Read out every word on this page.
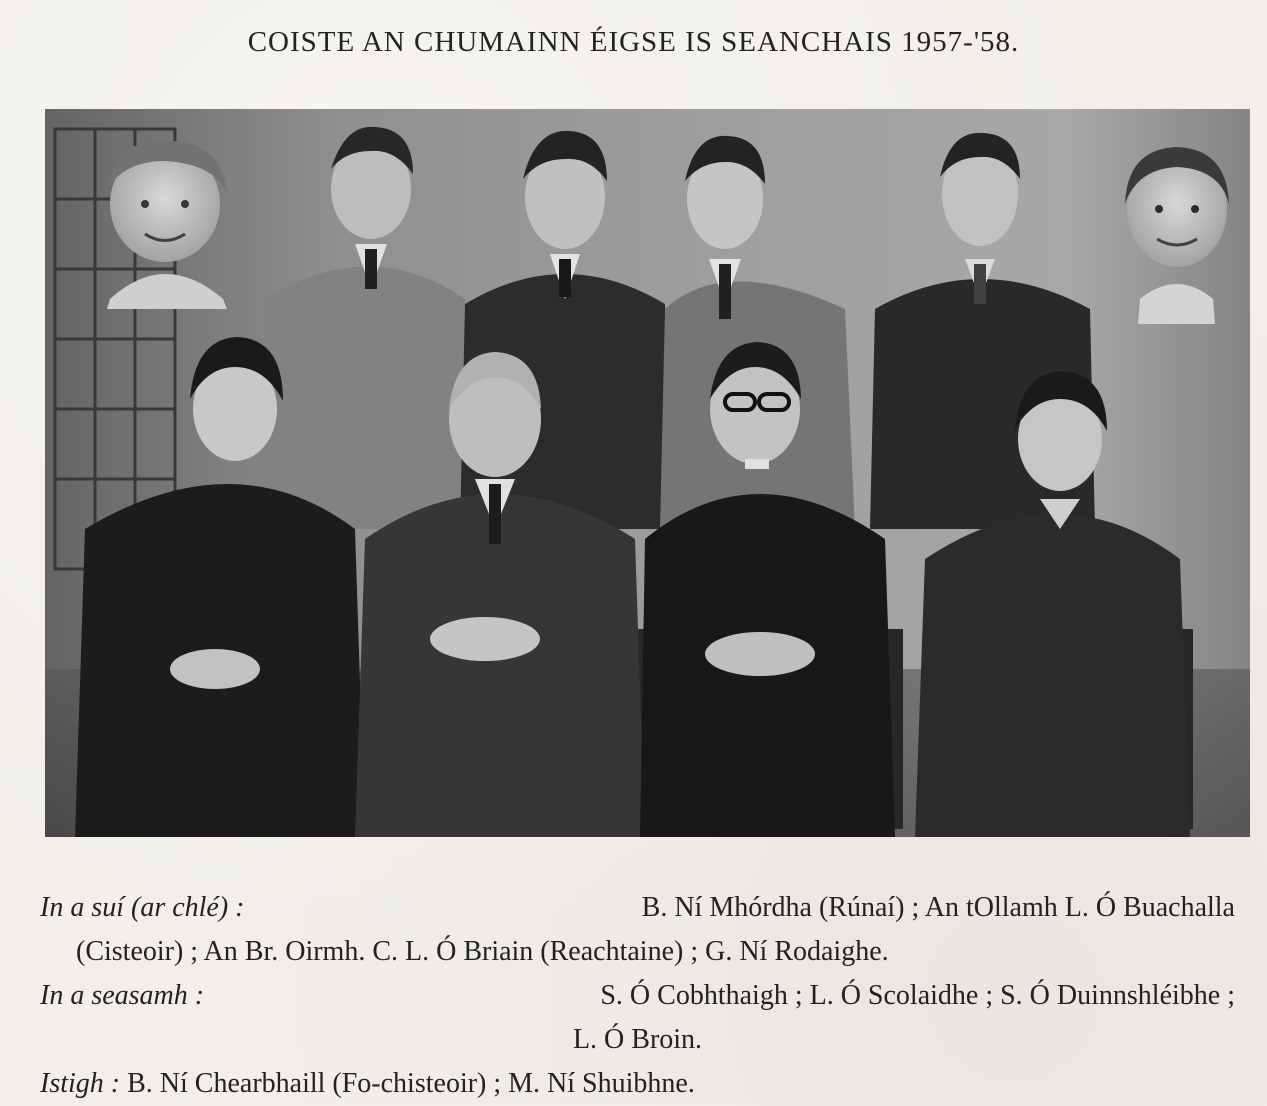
COISTE AN CHUMAINN ÉIGSE IS SEANCHAIS 1957-'58.
In a suí (ar chlé) :	B. Ní Mhórdha (Rúnaí) ; An tOllamh L. Ó Buachalla
(Cisteoir) ; An Br. Oirmh. C. L. Ó Briain (Reachtaine) ; G. Ní Rodaighe.
In a seasamh :	S. Ó Cobhthaigh ; L. Ó Scolaidhe ; S. Ó Duinnshléibhe ;
L. Ó Broin.
Istigh : B. Ní Chearbhaill (Fo-chisteoir) ; M. Ní Shuibhne.
